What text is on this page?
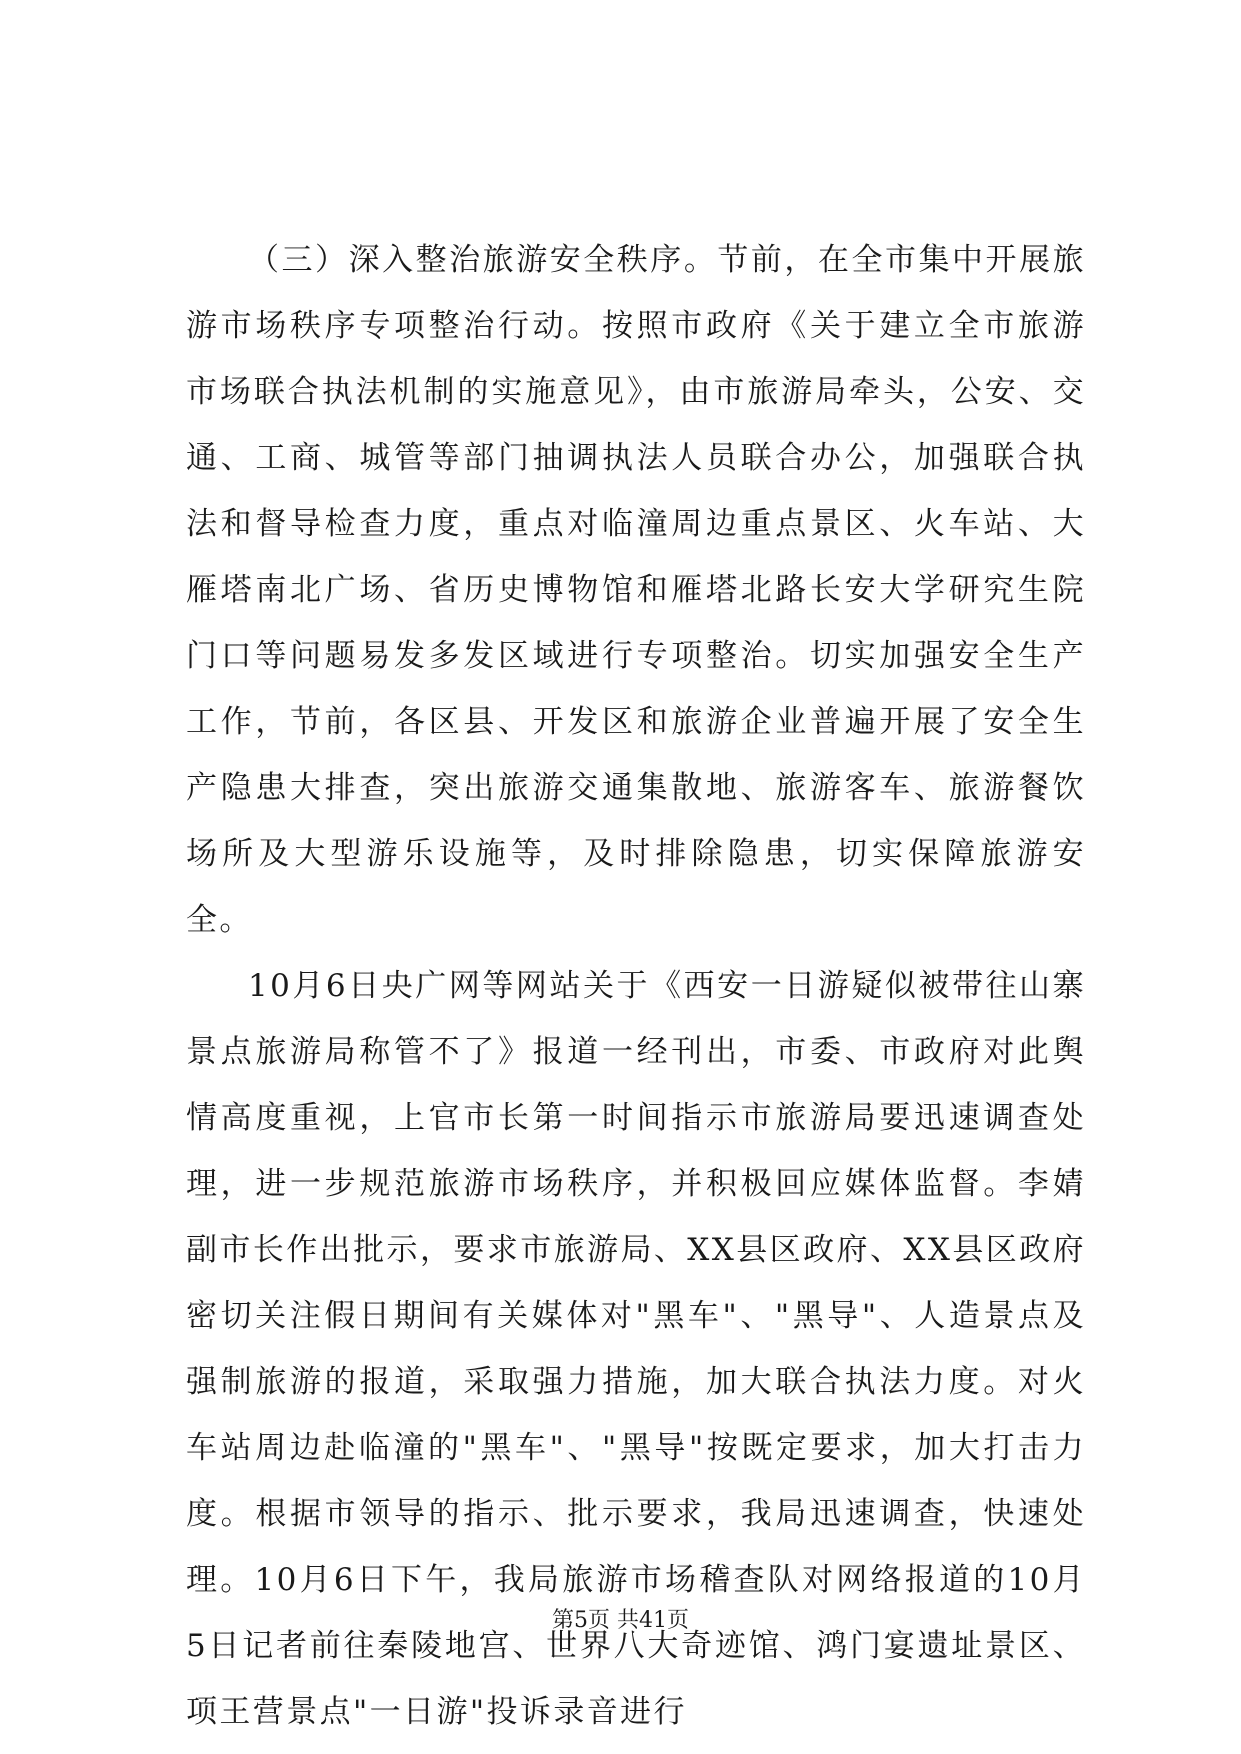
（三）深入整治旅游安全秩序。节前，在全市集中开展旅游市场秩序专项整治行动。按照市政府《关于建立全市旅游市场联合执法机制的实施意见》，由市旅游局牵头，公安、交通、工商、城管等部门抽调执法人员联合办公，加强联合执法和督导检查力度，重点对临潼周边重点景区、火车站、大雁塔南北广场、省历史博物馆和雁塔北路长安大学研究生院门口等问题易发多发区域进行专项整治。切实加强安全生产工作，节前，各区县、开发区和旅游企业普遍开展了安全生产隐患大排查，突出旅游交通集散地、旅游客车、旅游餐饮场所及大型游乐设施等，及时排除隐患，切实保障旅游安全。

10月6日央广网等网站关于《西安一日游疑似被带往山寨景点旅游局称管不了》报道一经刊出，市委、市政府对此舆情高度重视，上官市长第一时间指示市旅游局要迅速调查处理，进一步规范旅游市场秩序，并积极回应媒体监督。李婧副市长作出批示，要求市旅游局、XX县区政府、XX县区政府密切关注假日期间有关媒体对"黑车"、"黑导"、人造景点及强制旅游的报道，采取强力措施，加大联合执法力度。对火车站周边赴临潼的"黑车"、"黑导"按既定要求，加大打击力度。根据市领导的指示、批示要求，我局迅速调查，快速处理。10月6日下午，我局旅游市场稽查队对网络报道的10月5日记者前往秦陵地宫、世界八大奇迹馆、鸿门宴遗址景区、项王营景点"一日游"投诉录音进行

第5页 共41页
